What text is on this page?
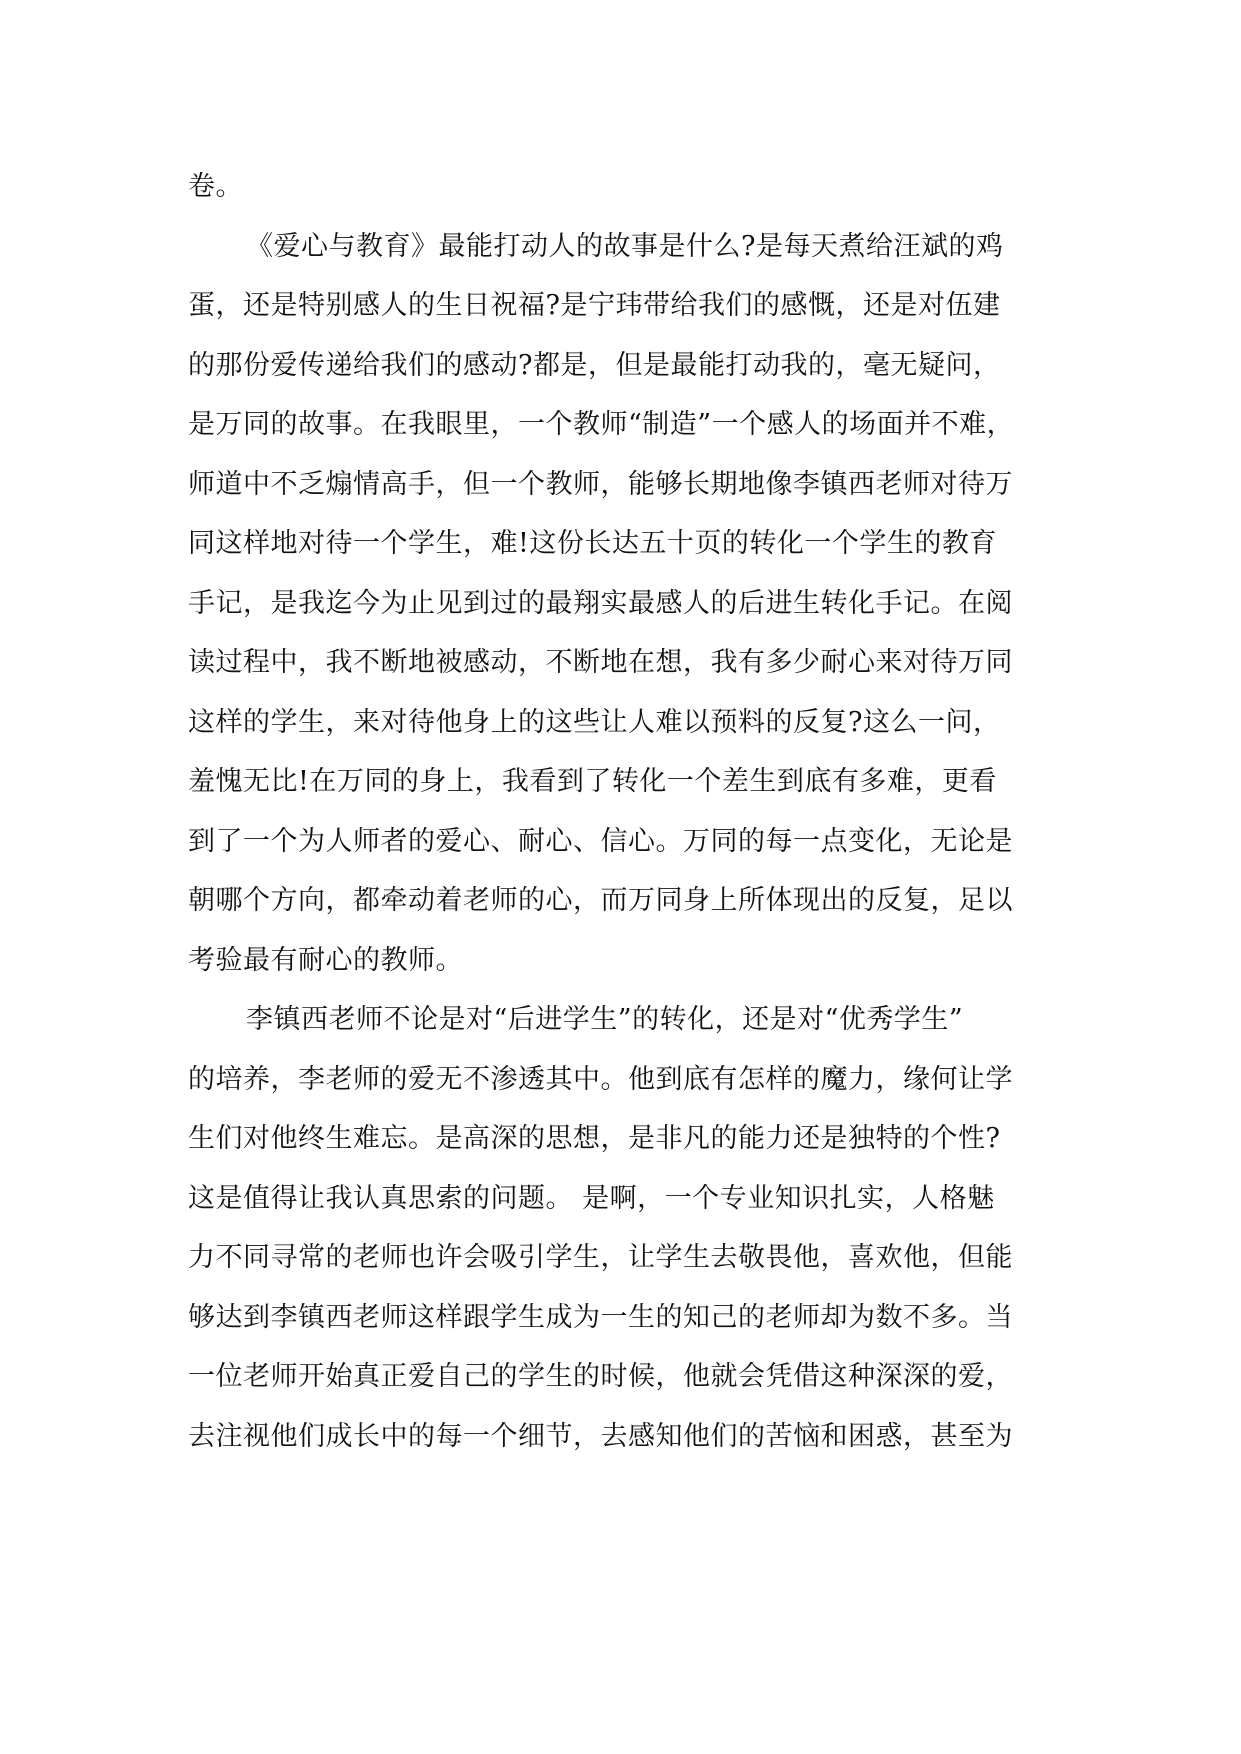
卷。
《爱心与教育》最能打动人的故事是什么?是每天煮给汪斌的鸡
蛋，还是特别感人的生日祝福?是宁玮带给我们的感慨，还是对伍建
的那份爱传递给我们的感动?都是，但是最能打动我的，毫无疑问，
是万同的故事。在我眼里，一个教师“制造”一个感人的场面并不难，
师道中不乏煽情高手，但一个教师，能够长期地像李镇西老师对待万
同这样地对待一个学生，难!这份长达五十页的转化一个学生的教育
手记，是我迄今为止见到过的最翔实最感人的后进生转化手记。在阅
读过程中，我不断地被感动，不断地在想，我有多少耐心来对待万同
这样的学生，来对待他身上的这些让人难以预料的反复?这么一问，
羞愧无比!在万同的身上，我看到了转化一个差生到底有多难，更看
到了一个为人师者的爱心、耐心、信心。万同的每一点变化，无论是
朝哪个方向，都牵动着老师的心，而万同身上所体现出的反复，足以
考验最有耐心的教师。
李镇西老师不论是对“后进学生”的转化，还是对“优秀学生”
的培养，李老师的爱无不渗透其中。他到底有怎样的魔力，缘何让学
生们对他终生难忘。是高深的思想，是非凡的能力还是独特的个性?
这是值得让我认真思索的问题。 是啊，一个专业知识扎实，人格魅
力不同寻常的老师也许会吸引学生，让学生去敬畏他，喜欢他，但能
够达到李镇西老师这样跟学生成为一生的知己的老师却为数不多。当
一位老师开始真正爱自己的学生的时候，他就会凭借这种深深的爱，
去注视他们成长中的每一个细节，去感知他们的苦恼和困惑，甚至为
